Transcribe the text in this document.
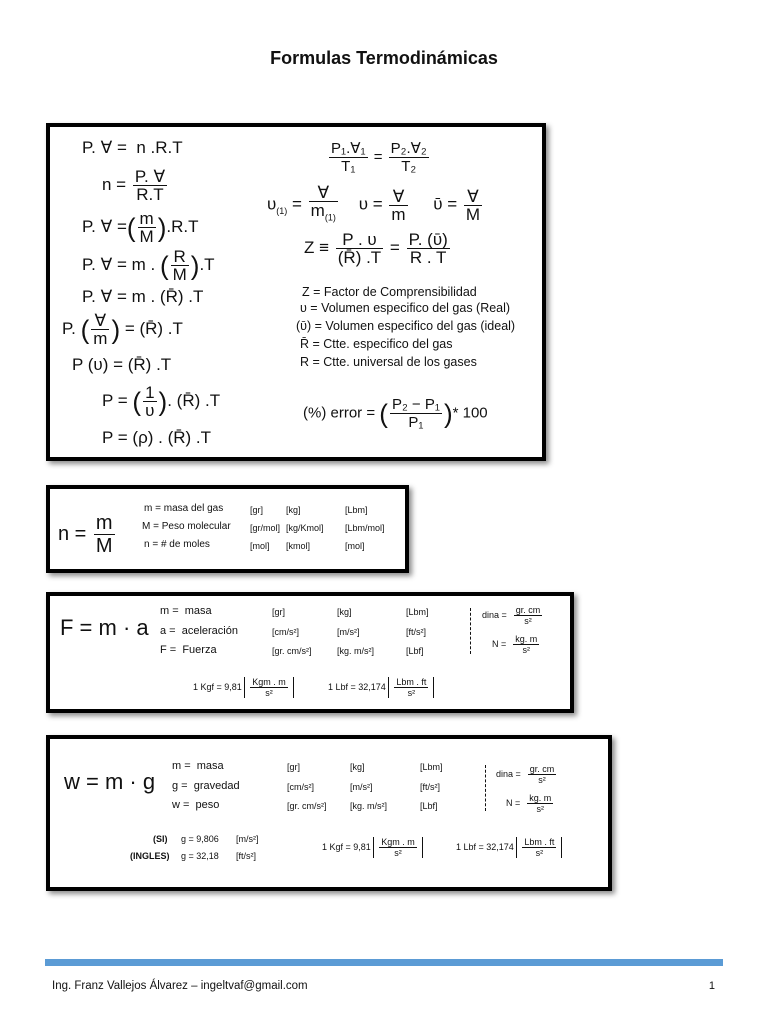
Formulas Termodinámicas
P. ∀ =  n .R.T
$n = \frac{P. \forall}{R.T}$
P. ∀ =( $\frac{m}{M} ).R.T$
P. ∀ = m . ( $\frac{R}{M} ).T$
P. ∀ = m . (R̄) .T
P. ( $\frac{\forall}{m}$ ) = (R̄) .T
P (υ) = (R̄) .T
P = ( $\frac{1}{\upsilon}$ ). (R̄) .T
P = (ρ) . (R̄) .T
$\frac{\text{P₁.∀₁}}{\text{T₁}} = \frac{\text{P₂.∀₂}}{\text{T₂}}$
$\upsilon_{(1)} = \frac{\forall}{m_{(1)}}$ $\upsilon = \frac{\forall}{m}$ ῡ = $\frac{\forall}{M}$
$Z \equiv \frac{P . \upsilon}{(R̄) .T} = \frac{\text{P. (ῡ)}}{R . T}$
Z = Factor de Comprensibilidad
υ = Volumen especifico del gas (Real)
(ῡ) = Volumen especifico del gas (ideal)
R̄ = Ctte. especifico del gas
R = Ctte. universal de los gases
(%) error = ( $\frac{\text{P₂ − P₁}}{\text{P₁}}$ )* 100
$n = \frac{m}{M}$
m = masa del gas
M = Peso molecular
n = # de moles
[gr]	[kg]	[Lbm]
[gr/mol] [kg/Kmol] [Lbm/mol]
[mol] [kmol]	[mol]
F = m · a
m =  masa
a =  aceleración
F =  Fuerza
[gr]	[kg]	[Lbm]
[cm/s²]	[m/s²]	[ft/s²]
[gr. cm/s²]	[kg. m/s²]	[Lbf]
dina = $\frac{gr. cm}{\text{s²}}$
$N = \frac{kg. m}{\text{s²}}$
1 Kgf = $9,81 \frac{\text{Kgm . m}}{\text{s²}}$	1 Lbf = $32,174 \frac{\text{Lbm . ft}}{\text{s²}}$
w = m · g
m =  masa
g =  gravedad
w =  peso
[gr]	[kg]	[Lbm]
[cm/s²]	[m/s²]	[ft/s²]
[gr. cm/s²]	[kg. m/s²]	[Lbf]
dina = $\frac{gr. cm}{\text{s²}}$
$N = \frac{kg. m}{\text{s²}}$
(SI) g = 9,806 [m/s²]
(INGLES) g = 32,18 [ft/s²]
1 Kgf = $9,81 \frac{\text{Kgm . m}}{\text{s²}}$	1 Lbf = $32,174 \frac{\text{Lbm . ft}}{\text{s²}}$
Ing. Franz Vallejos Álvarez – ingeltvaf@gmail.com	1
